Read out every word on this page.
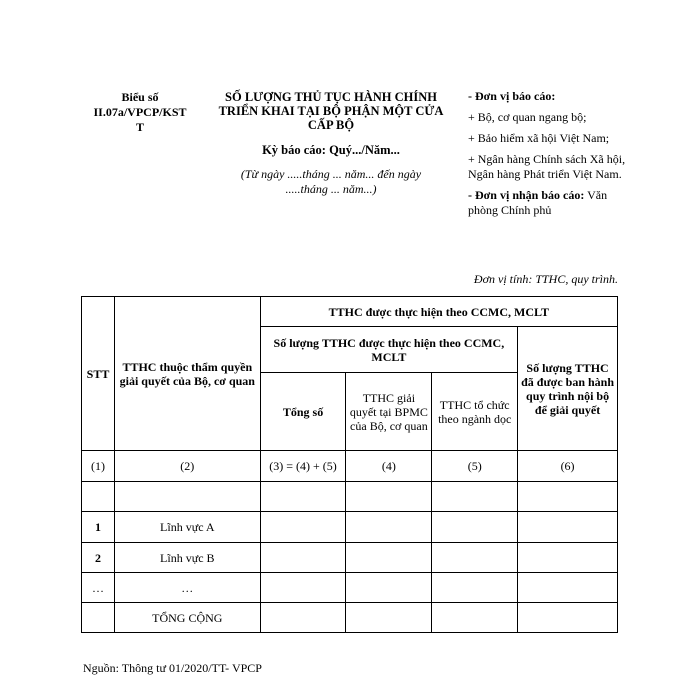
Biểu số
II.07a/VPCP/KST
T
SỐ LƯỢNG THỦ TỤC HÀNH CHÍNH
TRIỂN KHAI TẠI BỘ PHẬN MỘT CỬA
CẤP BỘ
Kỳ báo cáo: Quý.../Năm...
(Từ ngày .....tháng ... năm... đến ngày .....tháng ... năm...)

- Đơn vị báo cáo:

+ Bộ, cơ quan ngang bộ;

+ Bảo hiểm xã hội Việt Nam;

+ Ngân hàng Chính sách Xã hội, Ngân hàng Phát triển Việt Nam.

- Đơn vị nhận báo cáo: Văn phòng Chính phủ

Đơn vị tính: TTHC, quy trình.
STT	TTHC thuộc thẩm quyền giải quyết của Bộ, cơ quan	TTHC được thực hiện theo CCMC, MCLT			
		Số lượng TTHC được thực hiện theo CCMC, MCLT			Số lượng TTHC đã được ban hành quy trình nội bộ để giải quyết
		Tổng số	TTHC giải quyết tại BPMC của Bộ, cơ quan	TTHC tổ chức theo ngành dọc	
(1)	(2)	(3) = (4) + (5)	(4)	(5)	(6)

1	Lĩnh vực A				
2	Lĩnh vực B				
…	…				
	TỔNG CỘNG				
Nguồn: Thông tư 01/2020/TT- VPCP
